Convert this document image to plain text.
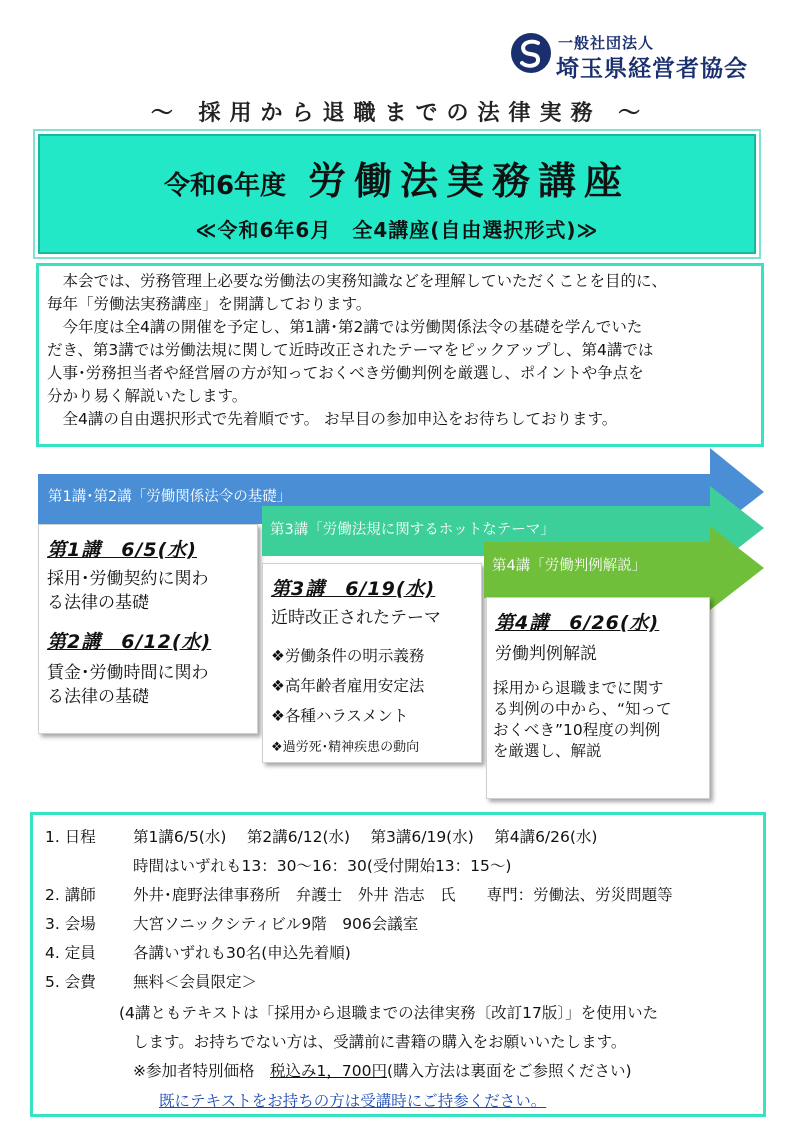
一般社団法人
埼玉県経営者協会
～ 採用から退職までの法律実務 ～
令和6年度 労働法実務講座
≪令和6年6月　全4講座(自由選択形式)≫

　本会では、労務管理上必要な労働法の実務知識などを理解していただくことを目的に、

毎年「労働法実務講座」を開講しております。

　今年度は全4講の開催を予定し、第1講･第2講では労働関係法令の基礎を学んでいた

だき、第3講では労働法規に関して近時改正されたテーマをピックアップし、第4講では

人事･労務担当者や経営層の方が知っておくべき労働判例を厳選し、ポイントや争点を

分かり易く解説いたします。

　全4講の自由選択形式で先着順です。 お早目の参加申込をお待ちしております。

第1講･第2講「労働関係法令の基礎」
第1講　6/5(水)
採用･労働契約に関わ
る法律の基礎
第2講　6/12(水)
賃金･労働時間に関わ
る法律の基礎
第3講「労働法規に関するホットなテーマ」
第3講　6/19(水)
近時改正されたテーマ
❖労働条件の明示義務
❖高年齢者雇用安定法
❖各種ハラスメント
❖過労死･精神疾患の動向
第4講「労働判例解説」
第4講　6/26(水)
労働判例解説
採用から退職までに関す
る判例の中から、“知って
おくべき”10程度の判例
を厳選し、解説
1. 日程 第1講6/5(水)　 第2講6/12(水)　 第3講6/19(水)　 第4講6/26(水)
時間はいずれも13：30～16：30(受付開始13：15～)
2. 講師 外井･鹿野法律事務所　弁護士　外井 浩志　氏　　専門：労働法、労災問題等
3. 会場 大宮ソニックシティビル9階　906会議室
4. 定員 各講いずれも30名(申込先着順)
5. 会費 無料＜会員限定＞
(4講ともテキストは「採用から退職までの法律実務〔改訂17版〕」を使用いた
します。お持ちでない方は、受講前に書籍の購入をお願いいたします。
※参加者特別価格　税込み1，700円(購入方法は裏面をご参照ください)
既にテキストをお持ちの方は受講時にご持参ください。
